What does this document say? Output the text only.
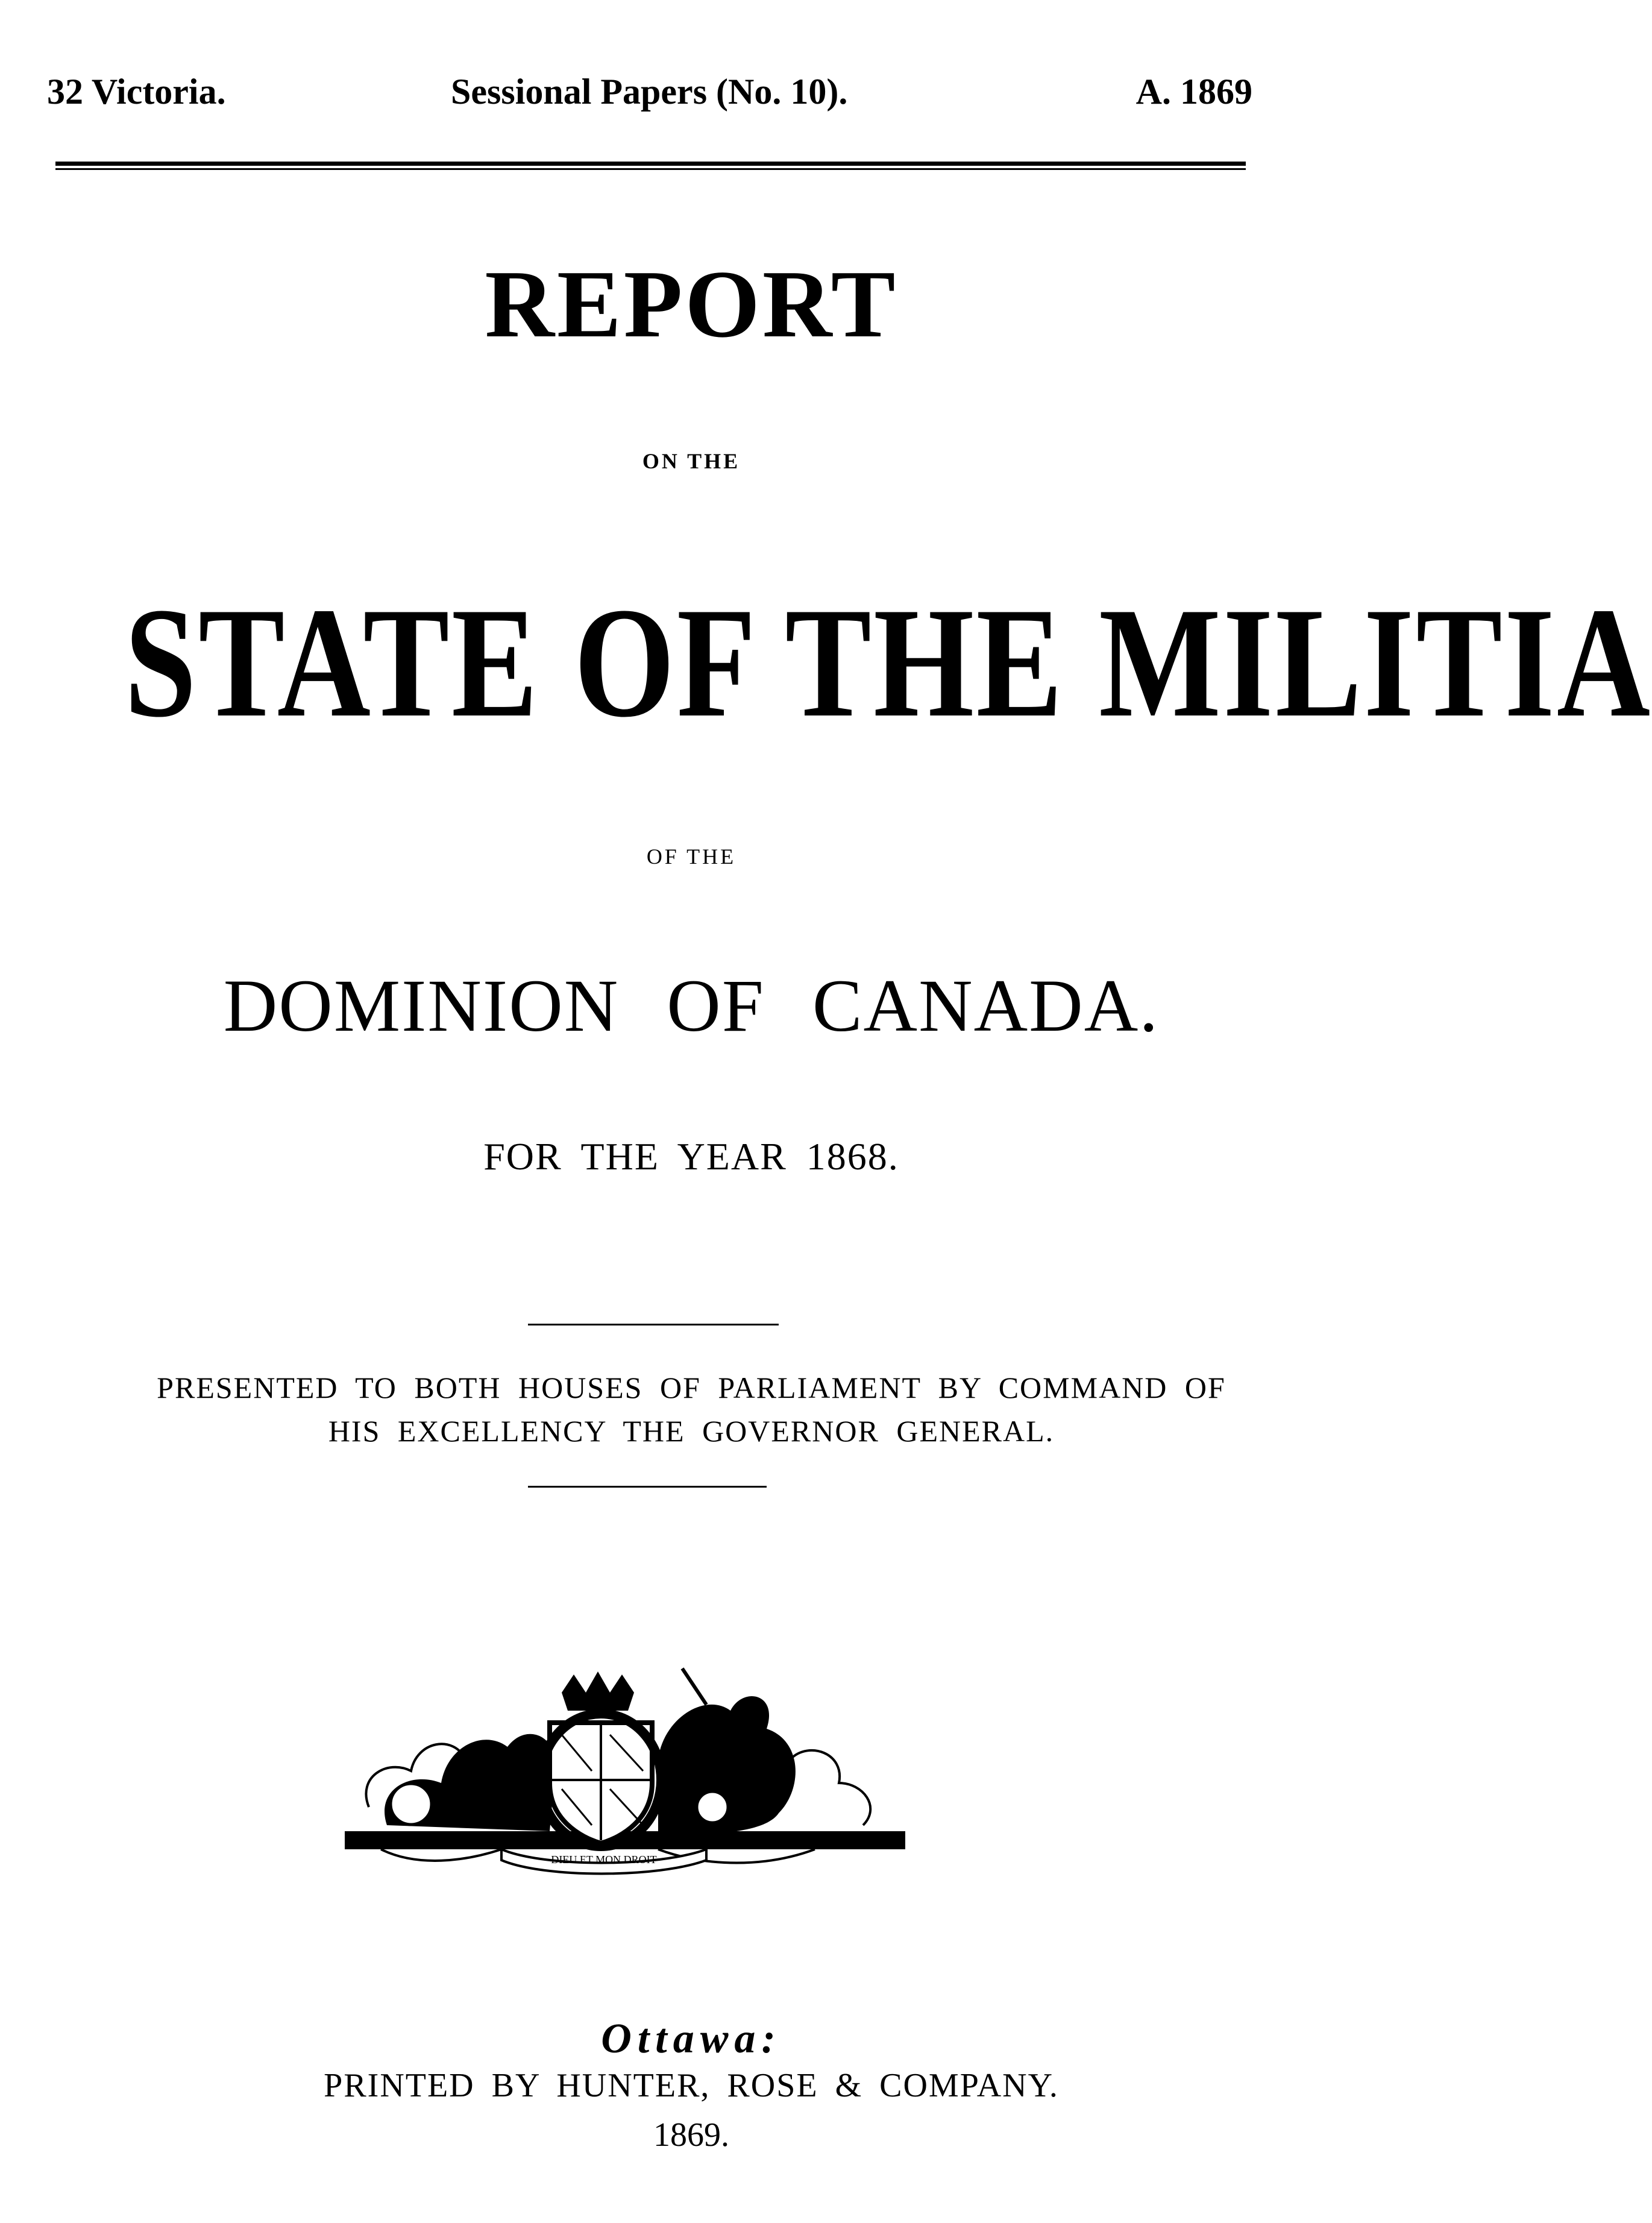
32 Victoria.	Sessional Papers (No. 10).	A. 1869
REPORT
ON THE
STATE OF THE MILITIA
OF THE
DOMINION OF CANADA.
FOR THE YEAR 1868.
PRESENTED TO BOTH HOUSES OF PARLIAMENT BY COMMAND OF
HIS EXCELLENCY THE GOVERNOR GENERAL.
DIEU ET MON DROIT
Ottawa:
PRINTED BY HUNTER, ROSE & COMPANY.
1869.
